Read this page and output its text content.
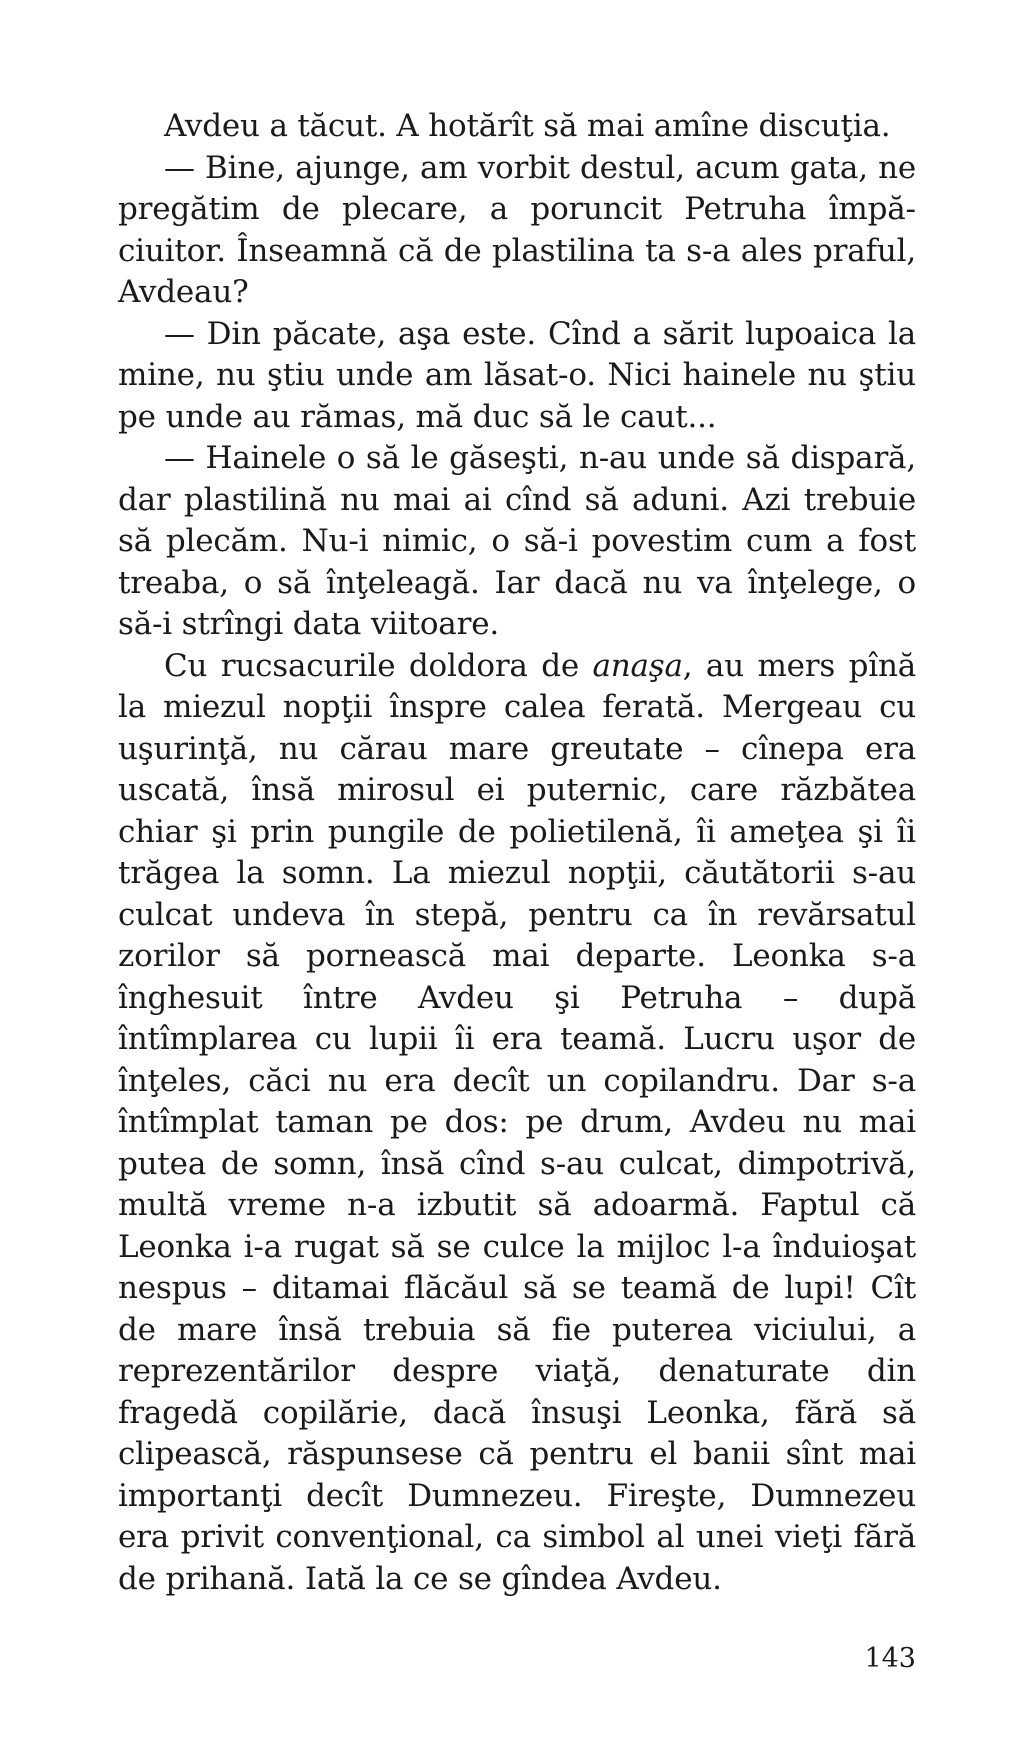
Avdeu a tăcut. A hotărît să mai amîne discuţia.

— Bine, ajunge, am vorbit destul, acum gata, ne pregătim de plecare, a poruncit Petruha împăciuitor. Înseamnă că de plastilina ta s-a ales praful, Avdeau?

— Din păcate, aşa este. Cînd a sărit lupoaica la mine, nu ştiu unde am lăsat-o. Nici hainele nu ştiu pe unde au rămas, mă duc să le caut...

— Hainele o să le găseşti, n-au unde să dispară, dar plastilină nu mai ai cînd să aduni. Azi trebuie să plecăm. Nu-i nimic, o să-i povestim cum a fost treaba, o să înţeleagă. Iar dacă nu va înţelege, o să-i strîngi data viitoare.

Cu rucsacurile doldora de anaşa, au mers pînă la miezul nopţii înspre calea ferată. Mergeau cu uşurinţă, nu cărau mare greutate – cînepa era uscată, însă mirosul ei puternic, care răzbătea chiar şi prin pungile de polietilenă, îi ameţea şi îi trăgea la somn. La miezul nopţii, căutătorii s-au culcat undeva în stepă, pentru ca în revărsatul zorilor să pornească mai departe. Leonka s-a înghesuit între Avdeu şi Petruha – după întîmplarea cu lupii îi era teamă. Lucru uşor de înţeles, căci nu era decît un copilandru. Dar s-a întîmplat taman pe dos: pe drum, Avdeu nu mai putea de somn, însă cînd s-au culcat, dimpotrivă, multă vreme n-a izbutit să adoarmă. Faptul că Leonka i-a rugat să se culce la mijloc l-a înduioşat nespus – ditamai flăcăul să se teamă de lupi! Cît de mare însă trebuia să fie puterea viciului, a reprezentărilor despre viaţă, denaturate din fragedă copilărie, dacă însuşi Leonka, fără să clipească, răspunsese că pentru el banii sînt mai importanţi decît Dumnezeu. Fireşte, Dumnezeu era privit convenţional, ca simbol al unei vieţi fără de prihană. Iată la ce se gîndea Avdeu.

143
